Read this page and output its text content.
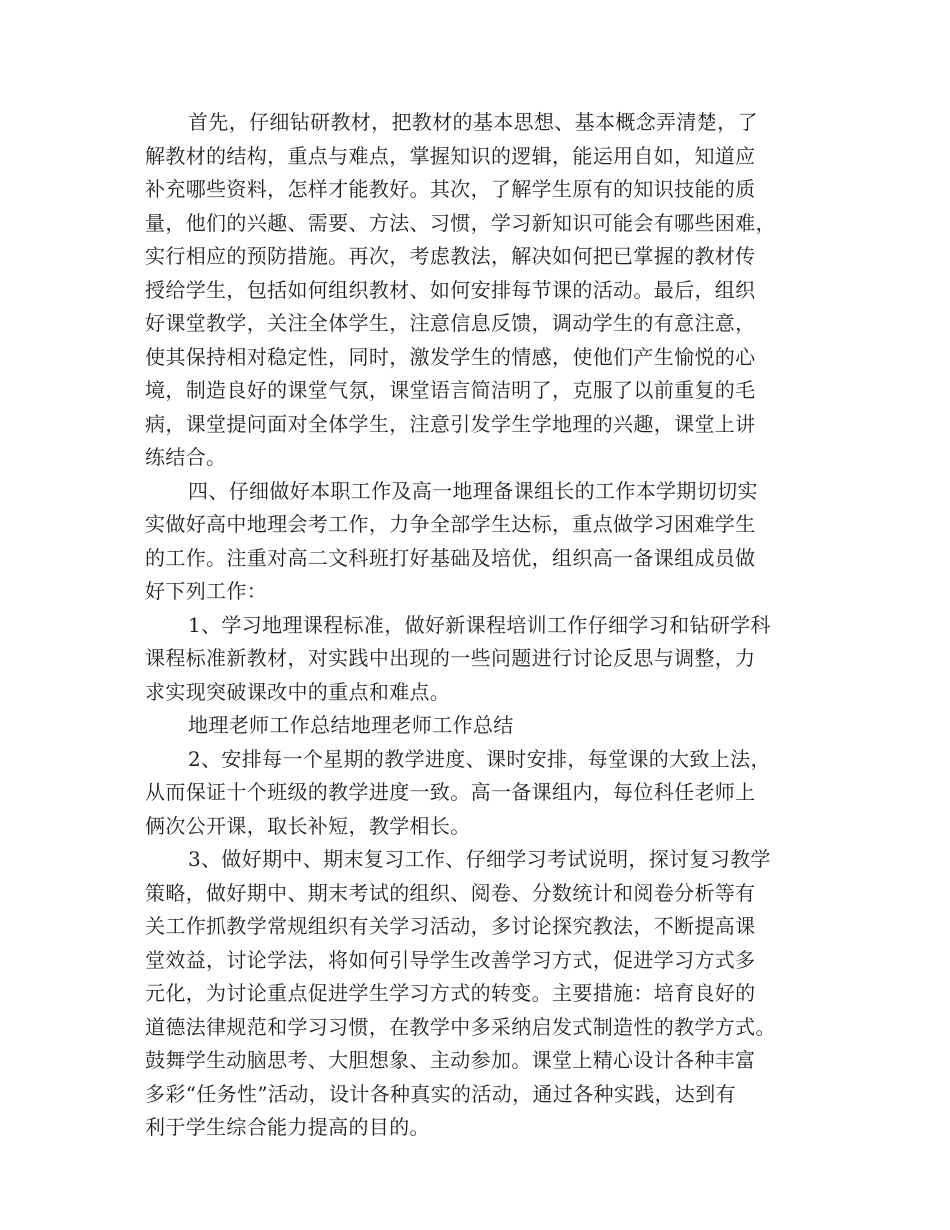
首先，仔细钻研教材，把教材的基本思想、基本概念弄清楚，了
解教材的结构，重点与难点，掌握知识的逻辑，能运用自如，知道应
补充哪些资料，怎样才能教好。其次，了解学生原有的知识技能的质
量，他们的兴趣、需要、方法、习惯，学习新知识可能会有哪些困难，
实行相应的预防措施。再次，考虑教法，解决如何把已掌握的教材传
授给学生，包括如何组织教材、如何安排每节课的活动。最后，组织
好课堂教学，关注全体学生，注意信息反馈，调动学生的有意注意，
使其保持相对稳定性，同时，激发学生的情感，使他们产生愉悦的心
境，制造良好的课堂气氛，课堂语言简洁明了，克服了以前重复的毛
病，课堂提问面对全体学生，注意引发学生学地理的兴趣，课堂上讲
练结合。
四、仔细做好本职工作及高一地理备课组长的工作本学期切切实
实做好高中地理会考工作，力争全部学生达标，重点做学习困难学生
的工作。注重对高二文科班打好基础及培优，组织高一备课组成员做
好下列工作：
1、学习地理课程标准，做好新课程培训工作仔细学习和钻研学科
课程标准新教材，对实践中出现的一些问题进行讨论反思与调整，力
求实现突破课改中的重点和难点。
地理老师工作总结地理老师工作总结
2、安排每一个星期的教学进度、课时安排，每堂课的大致上法，
从而保证十个班级的教学进度一致。高一备课组内，每位科任老师上
俩次公开课，取长补短，教学相长。
3、做好期中、期末复习工作、仔细学习考试说明，探讨复习教学
策略，做好期中、期末考试的组织、阅卷、分数统计和阅卷分析等有
关工作抓教学常规组织有关学习活动，多讨论探究教法，不断提高课
堂效益，讨论学法，将如何引导学生改善学习方式，促进学习方式多
元化，为讨论重点促进学生学习方式的转变。主要措施：培育良好的
道德法律规范和学习习惯，在教学中多采纳启发式制造性的教学方式。
鼓舞学生动脑思考、大胆想象、主动参加。课堂上精心设计各种丰富
多彩“任务性”活动，设计各种真实的活动，通过各种实践，达到有
利于学生综合能力提高的目的。
